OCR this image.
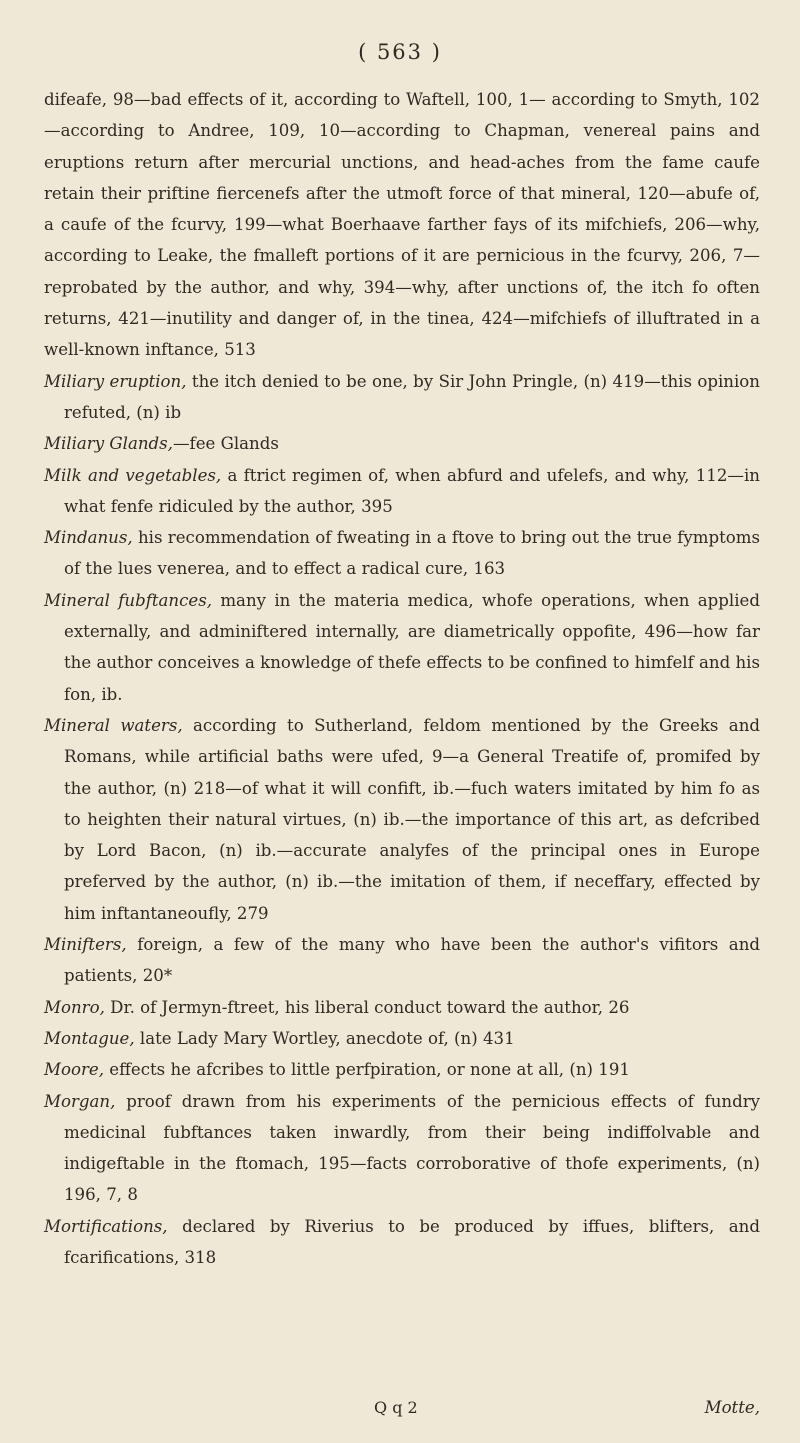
( 563 )

difeafe, 98—bad effects of it, according to Waftell, 100, 1— according to Smyth, 102—according to Andree, 109, 10—according to Chapman, venereal pains and eruptions return after mercurial unctions, and head-aches from the fame caufe retain their priftine fiercenefs after the utmoft force of that mineral, 120—abufe of, a caufe of the fcurvy, 199—what Boerhaave farther fays of its mifchiefs, 206—why, according to Leake, the fmalleft portions of it are pernicious in the fcurvy, 206, 7—reprobated by the author, and why, 394—why, after unctions of, the itch fo often returns, 421—inutility and danger of, in the tinea, 424—mifchiefs of illuftrated in a well-known inftance, 513

Miliary eruption, the itch denied to be one, by Sir John Pringle, (n) 419—this opinion refuted, (n) ib

Miliary Glands,—fee Glands

Milk and vegetables, a ftrict regimen of, when abfurd and ufelefs, and why, 112—in what fenfe ridiculed by the author, 395

Mindanus, his recommendation of fweating in a ftove to bring out the true fymptoms of the lues venerea, and to effect a radical cure, 163

Mineral fubftances, many in the materia medica, whofe operations, when applied externally, and adminiftered internally, are diametrically oppofite, 496—how far the author conceives a knowledge of thefe effects to be confined to himfelf and his fon, ib.

Mineral waters, according to Sutherland, feldom mentioned by the Greeks and Romans, while artificial baths were ufed, 9—a General Treatife of, promifed by the author, (n) 218—of what it will confift, ib.—fuch waters imitated by him fo as to heighten their natural virtues, (n) ib.—the importance of this art, as defcribed by Lord Bacon, (n) ib.—accurate analyfes of the principal ones in Europe preferved by the author, (n) ib.—the imitation of them, if neceffary, effected by him inftantaneoufly, 279

Minifters, foreign, a few of the many who have been the author's vifitors and patients, 20*

Monro, Dr. of Jermyn-ftreet, his liberal conduct toward the author, 26

Montague, late Lady Mary Wortley, anecdote of, (n) 431

Moore, effects he afcribes to little perfpiration, or none at all, (n) 191

Morgan, proof drawn from his experiments of the pernicious effects of fundry medicinal fubftances taken inwardly, from their being indiffolvable and indigeftable in the ftomach, 195—facts corroborative of thofe experiments, (n) 196, 7, 8

Mortifications, declared by Riverius to be produced by iffues, blifters, and fcarifications, 318

Q q 2	Motte,
